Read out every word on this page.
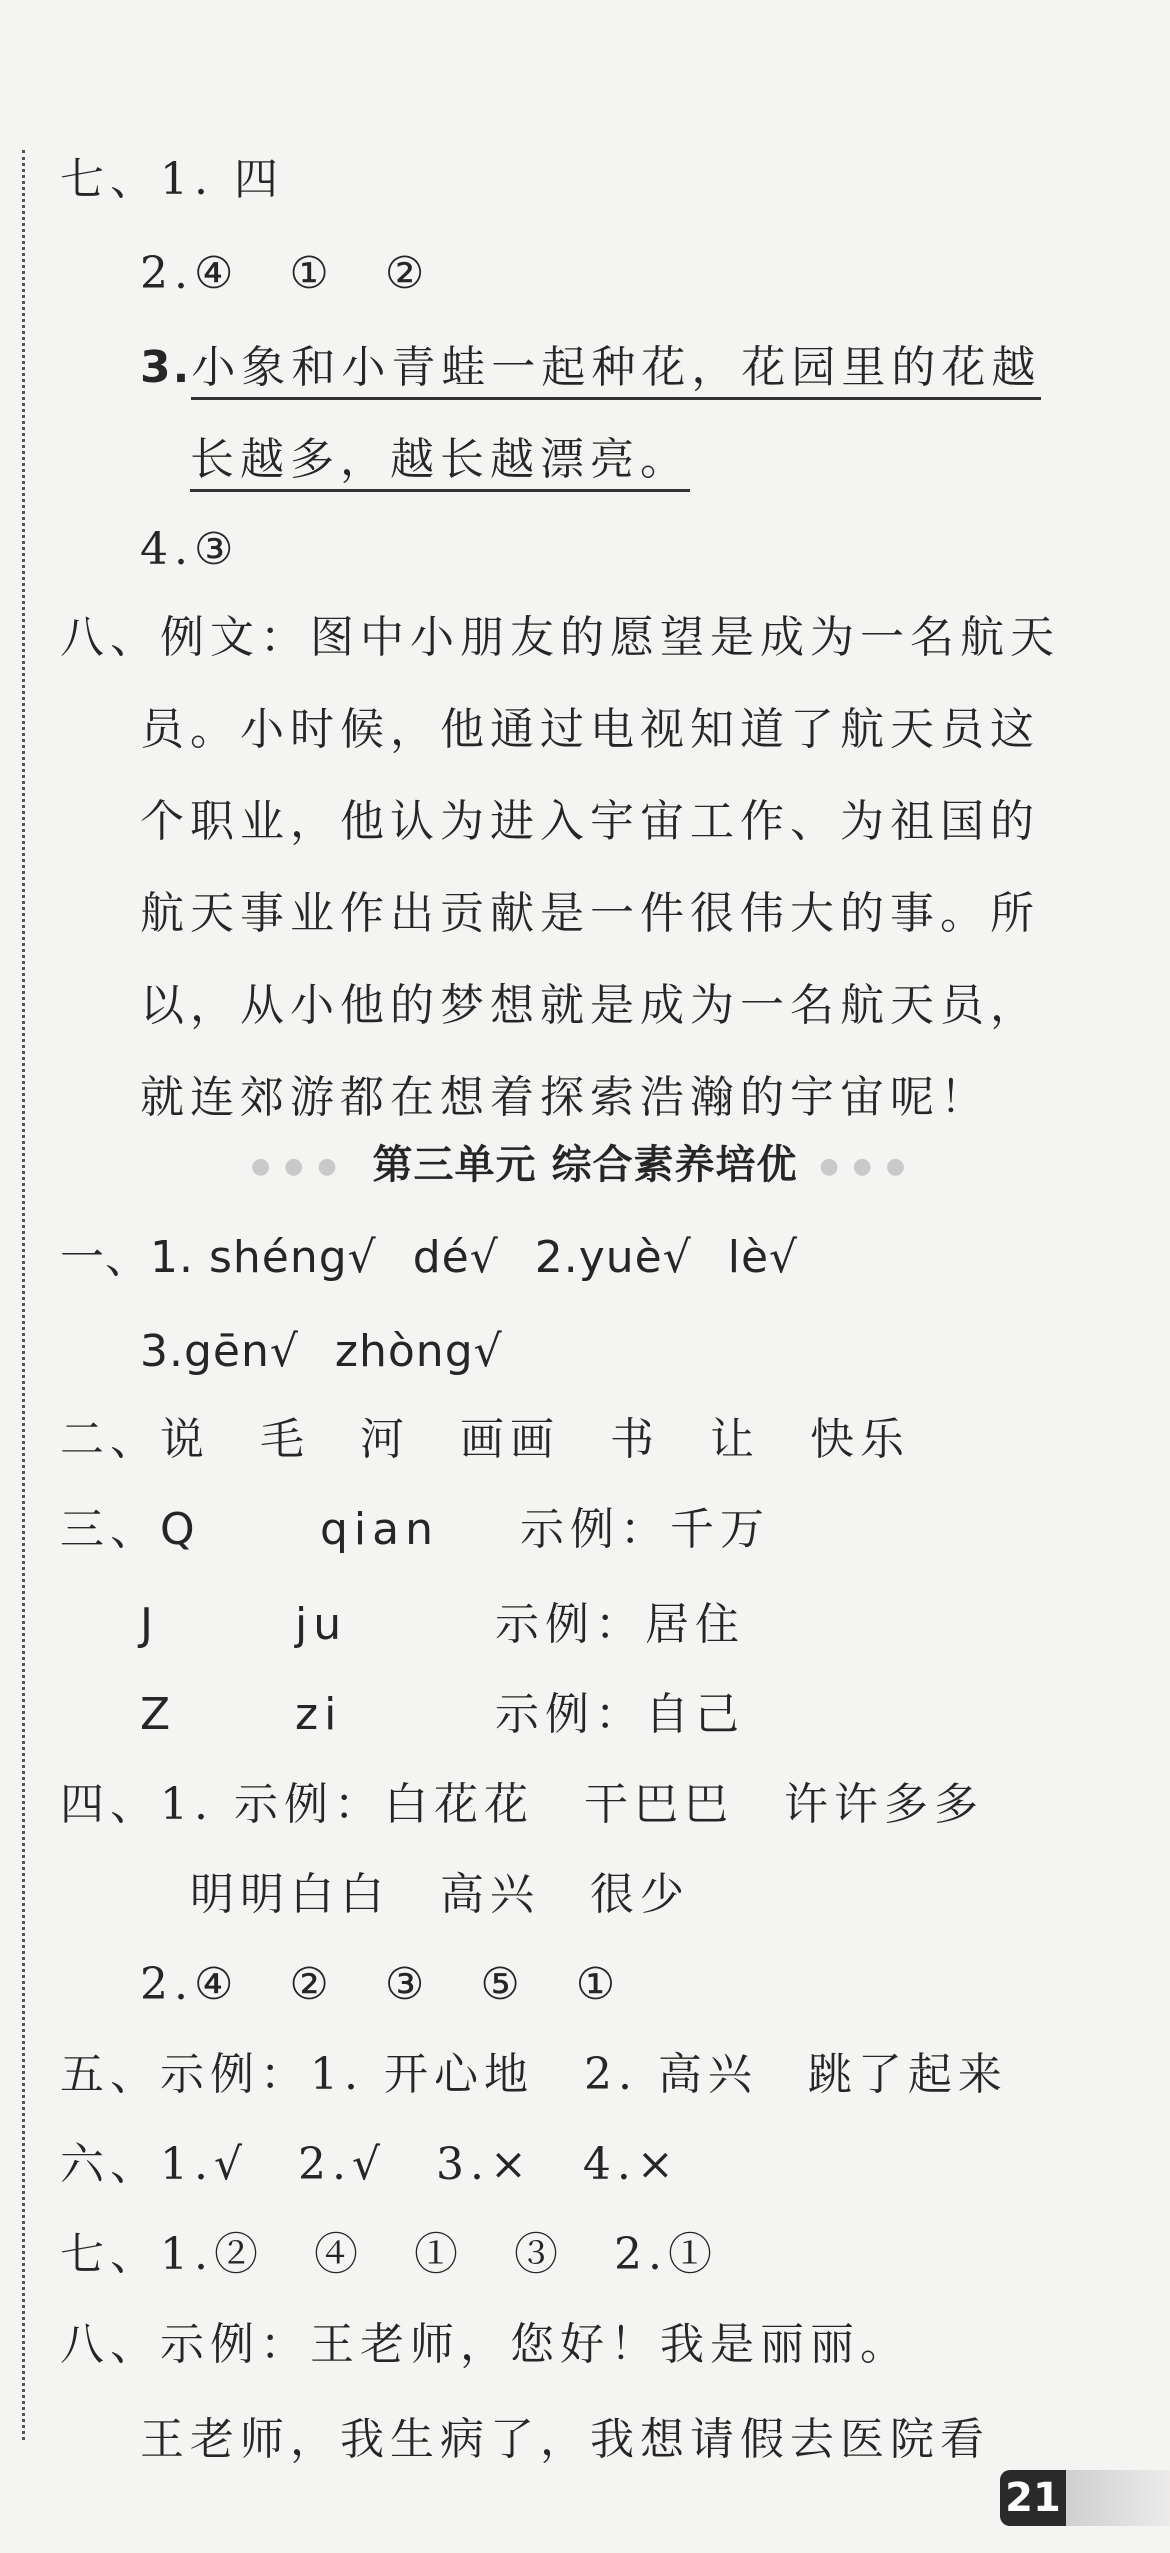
七、1. 四
2.④　①　②
3.小象和小青蛙一起种花，花园里的花越
长越多，越长越漂亮。
4.③
八、例文：图中小朋友的愿望是成为一名航天
员。小时候，他通过电视知道了航天员这
个职业，他认为进入宇宙工作、为祖国的
航天事业作出贡献是一件很伟大的事。所
以，从小他的梦想就是成为一名航天员，
就连郊游都在想着探索浩瀚的宇宙呢！
●●● 第三单元 综合素养培优 ●●●
一、1. shéng√ dé√ 2.yuè√ lè√
3.gēn√ zhòng√
二、说　毛　河　画画　书　让　快乐
三、Q	qian 示例：千万
J	ju	示例：居住
Z	zi	示例：自己
四、1. 示例：白花花　干巴巴　许许多多
明明白白　高兴　很少
2.④　②　③　⑤　①
五、示例：1. 开心地　2. 高兴　跳了起来
六、1.√　2.√　3.×　4.×
七、1.②　④　①　③　2.①
八、示例：王老师，您好！我是丽丽。
王老师，我生病了，我想请假去医院看
21
